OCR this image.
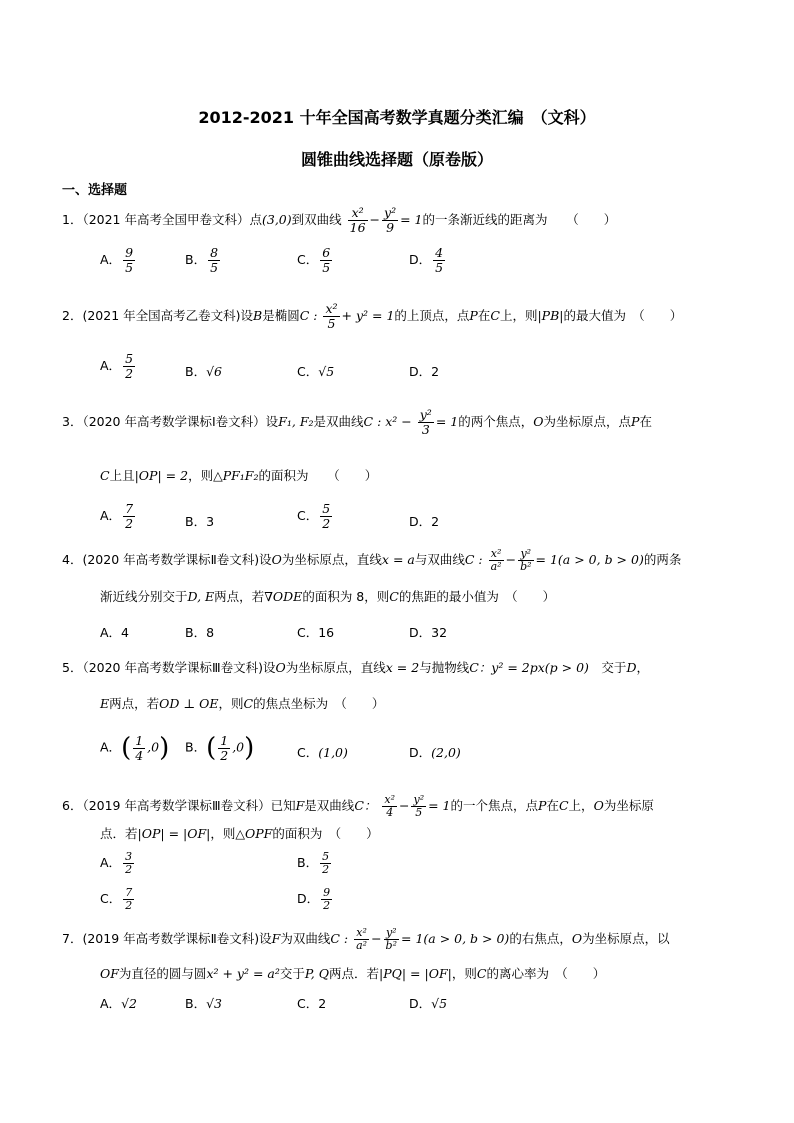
2012-2021 十年全国高考数学真题分类汇编　（文科）
圆锥曲线选择题（原卷版）
一、选择题
1．（2021 年高考全国甲卷文科）点(3,0)到双曲线 $\frac{\text{x²}}{16} - \frac{\text{y²}}{9} = 1$的一条渐近线的距离为　　（　　）
A． $\frac{9}{5}$	B． $\frac{8}{5}$	C． $\frac{6}{5}$	D． $\frac{4}{5}$
2．(2021 年全国高考乙卷文科)设B是椭圆C : $\frac{\text{x²}}{5} + y^2 = 1$的上顶点，点P在C上，则|PB|的最大值为　（　　）
A． $\frac{5}{2}$	B．√6	C．√5	D．2
3．（2020 年高考数学课标Ⅰ卷文科）设F₁, F₂是双曲线C : $x^2 - \frac{\text{y²}}{3} = 1$的两个焦点，O为坐标原点，点P在
C上且|OP| = 2，则△PF₁F₂的面积为　　（　　）
A． $\frac{7}{2}$	B．3	C． $\frac{5}{2}$	D．2
4．(2020 年高考数学课标Ⅱ卷文科)设O为坐标原点，直线x = a与双曲线C : $\frac{\text{x²}}{\text{a²}} - \frac{\text{y²}}{\text{b²}} = 1(a > 0$, b > 0)的两条
渐近线分别交于D, E两点，若∇ODE的面积为 8，则C的焦距的最小值为　（　　）
A．4	B．8	C．16	D．32
5．（2020 年高考数学课标Ⅲ卷文科)设O为坐标原点，直线x = 2与抛物线C：y² = 2px(p > 0)　交于D，
E两点，若OD ⊥ OE，则C的焦点坐标为　（　　）
A．( $\frac{1}{4} ,0$) B．( $\frac{1}{2} ,0$)	C．(1,0)	D．(2,0)
6．（2019 年高考数学课标Ⅲ卷文科）已知F是双曲线C： $\frac{\text{x²}}{4} - \frac{\text{y²}}{5} = 1$的一个焦点，点P在C上，O为坐标原
点．若|OP| = |OF|，则△OPF的面积为　（　　）
A． $\frac{3}{2}$	B． $\frac{5}{2}$
C． $\frac{7}{2}$	D． $\frac{9}{2}$
7．(2019 年高考数学课标Ⅱ卷文科)设F为双曲线C : $\frac{\text{x²}}{\text{a²}} - \frac{\text{y²}}{\text{b²}} = 1(a > 0$, b > 0)的右焦点，O为坐标原点，以
OF为直径的圆与圆x² + y² = a²交于P, Q两点．若|PQ| = |OF|，则C的离心率为　（　　）
A．√2	B．√3	C．2	D．√5
